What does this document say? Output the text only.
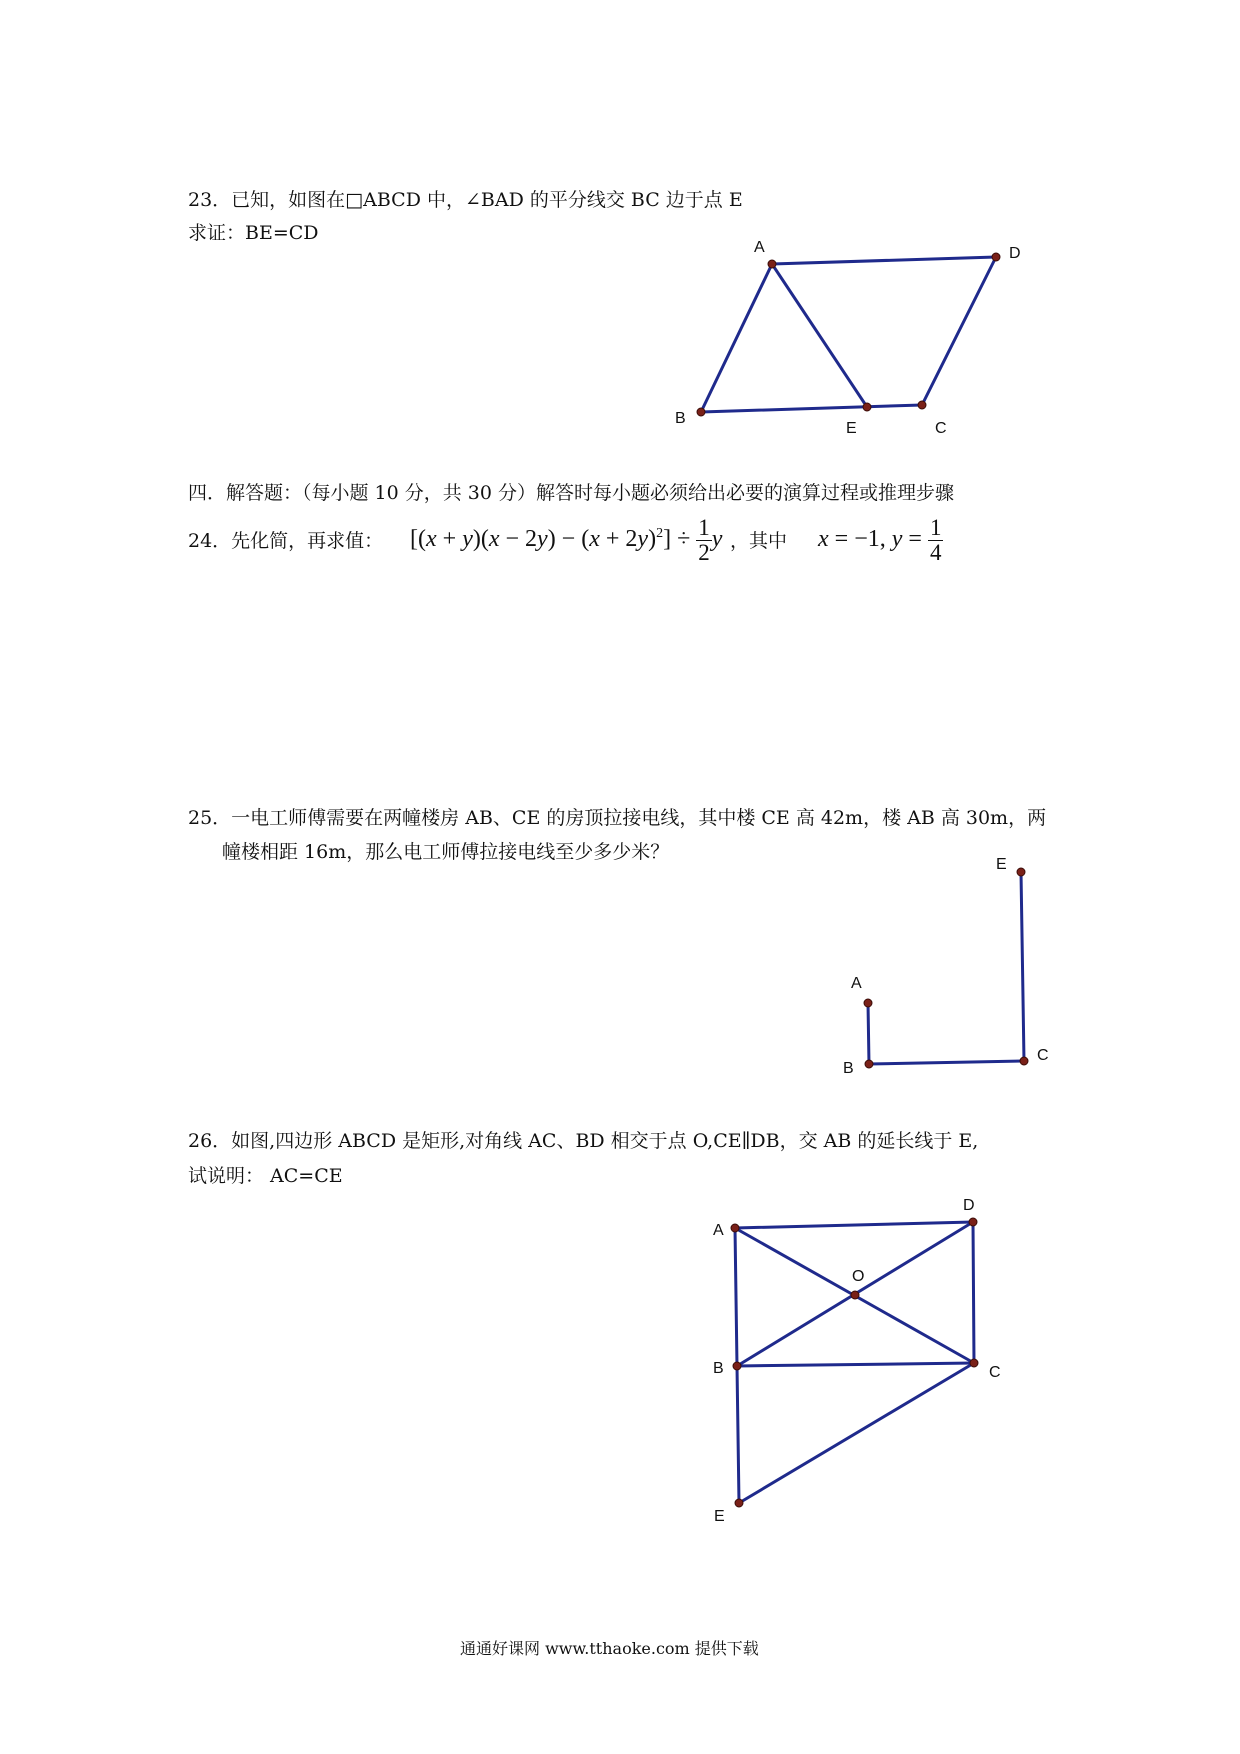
23．已知，如图在□ABCD 中，∠BAD 的平分线交 BC 边于点 E
求证：BE=CD
A	D
B
E	C
A
B
C
E
A
D
O
B	C
E
四．解答题：（每小题 10 分，共 30 分）解答时每小题必须给出必要的演算过程或推理步骤
24．先化简，再求值： $[(x + y)(x - 2y) - (x + 2y)^2] \div \frac{1}{2}$ y ，其中 x = −1, $y = \frac{1}{4}$
25．一电工师傅需要在两幢楼房 AB、CE 的房顶拉接电线，其中楼 CE 高 42m，楼 AB 高 30m，两
幢楼相距 16m，那么电工师傅拉接电线至少多少米？
26．如图,四边形 ABCD 是矩形,对角线 AC、BD 相交于点 O,CE∥DB，交 AB 的延长线于 E,
试说明： AC=CE
通通好课网 www.tthaoke.com 提供下载
